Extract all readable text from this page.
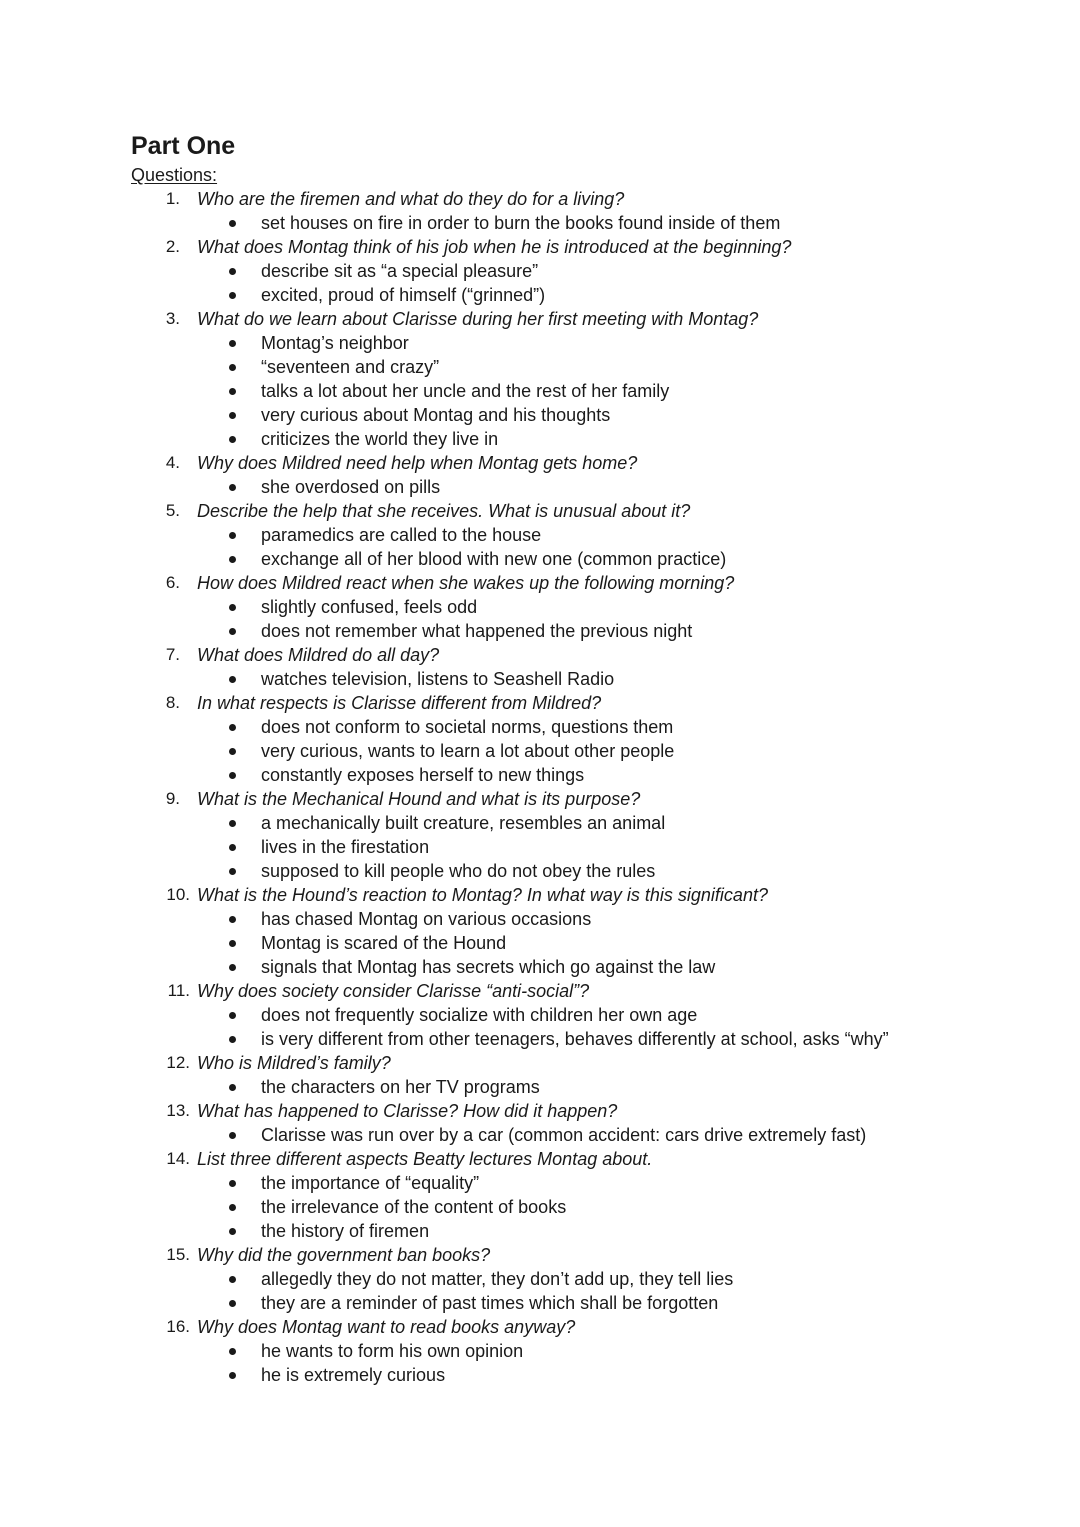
Part One
Questions:
1. Who are the firemen and what do they do for a living?
set houses on fire in order to burn the books found inside of them
2. What does Montag think of his job when he is introduced at the beginning?
describe sit as “a special pleasure”
excited, proud of himself (“grinned”)
3. What do we learn about Clarisse during her first meeting with Montag?
Montag’s neighbor
“seventeen and crazy”
talks a lot about her uncle and the rest of her family
very curious about Montag and his thoughts
criticizes the world they live in
4. Why does Mildred need help when Montag gets home?
she overdosed on pills
5. Describe the help that she receives. What is unusual about it?
paramedics are called to the house
exchange all of her blood with new one (common practice)
6. How does Mildred react when she wakes up the following morning?
slightly confused, feels odd
does not remember what happened the previous night
7. What does Mildred do all day?
watches television, listens to Seashell Radio
8. In what respects is Clarisse different from Mildred?
does not conform to societal norms, questions them
very curious, wants to learn a lot about other people
constantly exposes herself to new things
9. What is the Mechanical Hound and what is its purpose?
a mechanically built creature, resembles an animal
lives in the firestation
supposed to kill people who do not obey the rules
10. What is the Hound’s reaction to Montag? In what way is this significant?
has chased Montag on various occasions
Montag is scared of the Hound
signals that Montag has secrets which go against the law
11. Why does society consider Clarisse “anti-social”?
does not frequently socialize with children her own age
is very different from other teenagers, behaves differently at school, asks “why”
12. Who is Mildred’s family?
the characters on her TV programs
13. What has happened to Clarisse? How did it happen?
Clarisse was run over by a car (common accident: cars drive extremely fast)
14. List three different aspects Beatty lectures Montag about.
the importance of “equality”
the irrelevance of the content of books
the history of firemen
15. Why did the government ban books?
allegedly they do not matter, they don’t add up, they tell lies
they are a reminder of past times which shall be forgotten
16. Why does Montag want to read books anyway?
he wants to form his own opinion
he is extremely curious
